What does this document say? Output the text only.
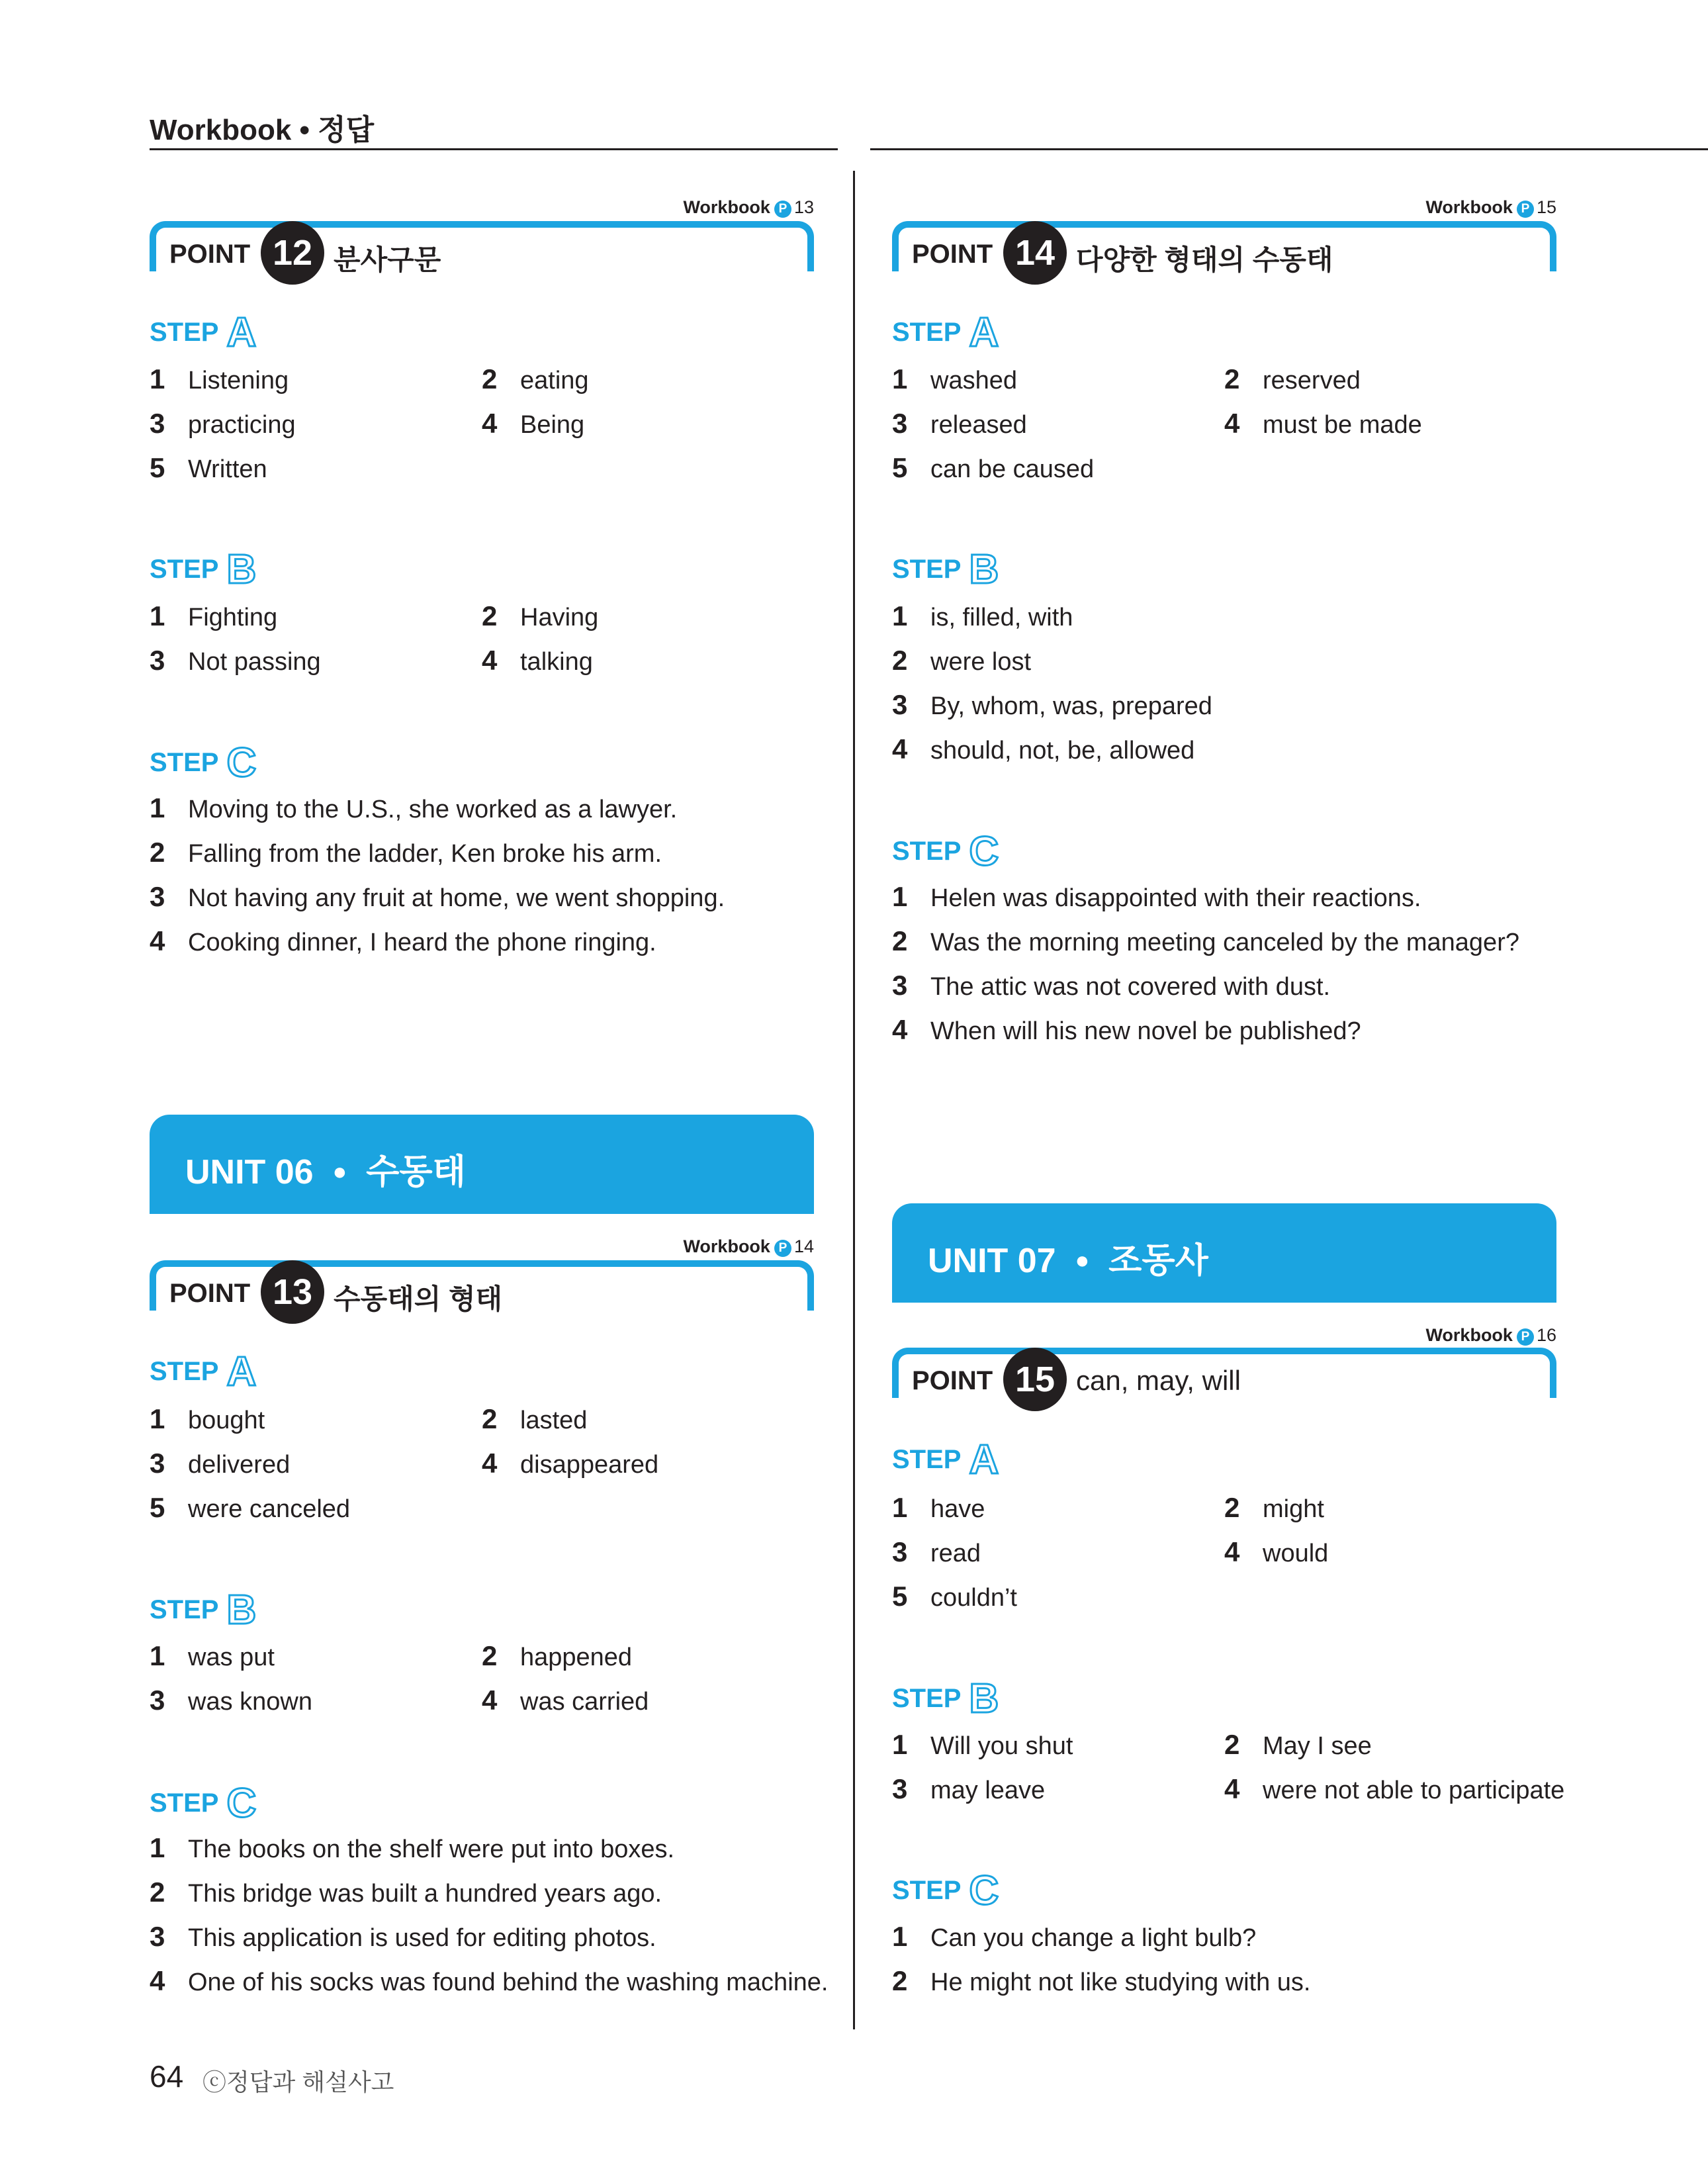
Workbook • 정답
Workbook P 13
POINT 12 분사구문
STEP A
1 Listening	2 eating
3 practicing	4 Being
5 Written
STEP B
1 Fighting	2 Having
3 Not passing	4 talking
STEP C
1 Moving to the U.S., she worked as a lawyer.
2 Falling from the ladder, Ken broke his arm.
3 Not having any fruit at home, we went shopping.
4 Cooking dinner, I heard the phone ringing.
UNIT 06 ● 수동태
Workbook P 14
POINT 13 수동태의 형태
STEP A
1 bought	2 lasted
3 delivered	4 disappeared
5 were canceled
STEP B
1 was put	2 happened
3 was known	4 was carried
STEP C
1 The books on the shelf were put into boxes.
2 This bridge was built a hundred years ago.
3 This application is used for editing photos.
4 One of his socks was found behind the washing machine.
Workbook P 15
POINT 14 다양한 형태의 수동태
STEP A
1 washed	2 reserved
3 released	4 must be made
5 can be caused
STEP B
1 is, filled, with
2 were lost
3 By, whom, was, prepared
4 should, not, be, allowed
STEP C
1 Helen was disappointed with their reactions.
2 Was the morning meeting canceled by the manager?
3 The attic was not covered with dust.
4 When will his new novel be published?
UNIT 07 ● 조동사
Workbook P 16
POINT 15 can, may, will
STEP A
1 have	2 might
3 read	4 would
5 couldn’t
STEP B
1 Will you shut	2 May I see
3 may leave	4 were not able to participate
STEP C
1 Can you change a light bulb?
2 He might not like studying with us.
64 ⓒ정답과 해설사고
